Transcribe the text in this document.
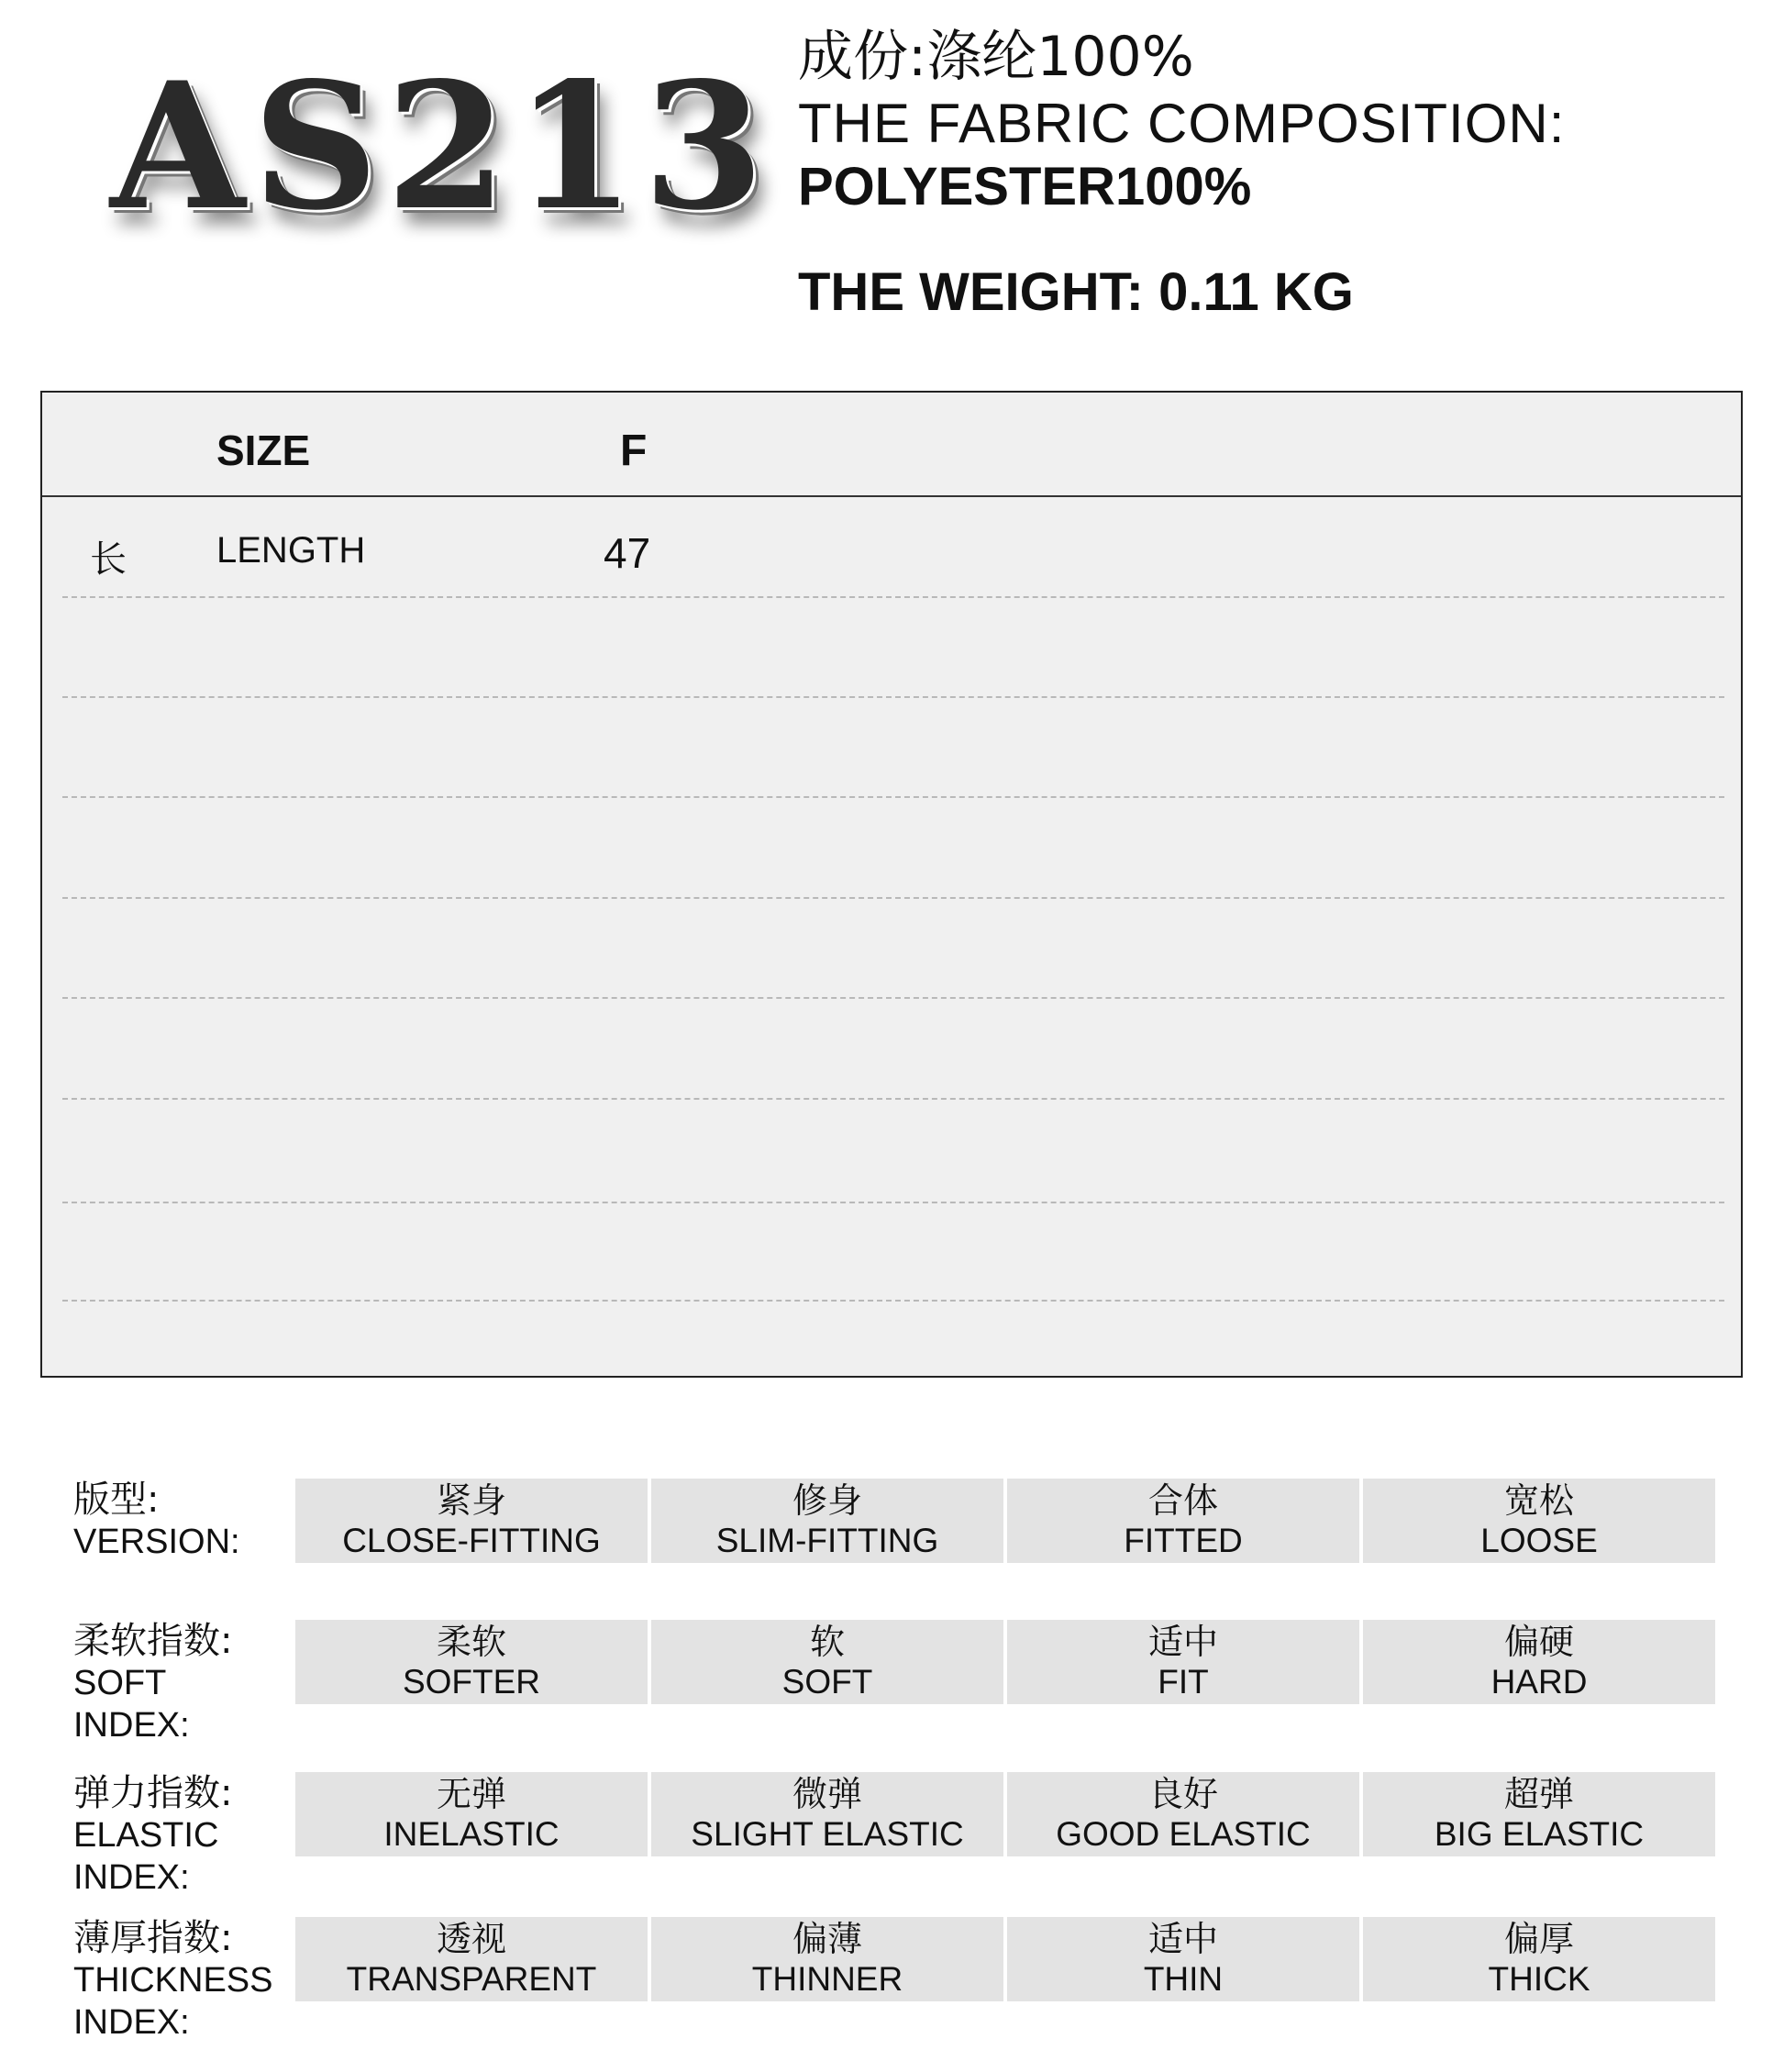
AS213 成份:涤纶100%
THE FABRIC COMPOSITION:
POLYESTER100%
THE WEIGHT: 0.11 KG
SIZE	F
长 LENGTH	47
版型:
VERSION:
紧身
CLOSE-FITTING
修身
SLIM-FITTING
合体
FITTED
宽松
LOOSE
柔软指数:
SOFT
INDEX:
柔软
SOFTER
软
SOFT
适中
FIT
偏硬
HARD
弹力指数:
ELASTIC
INDEX:
无弹
INELASTIC
微弹
SLIGHT ELASTIC
良好
GOOD ELASTIC
超弹
BIG ELASTIC
薄厚指数:
THICKNESS
INDEX:
透视
TRANSPARENT
偏薄
THINNER
适中
THIN
偏厚
THICK
